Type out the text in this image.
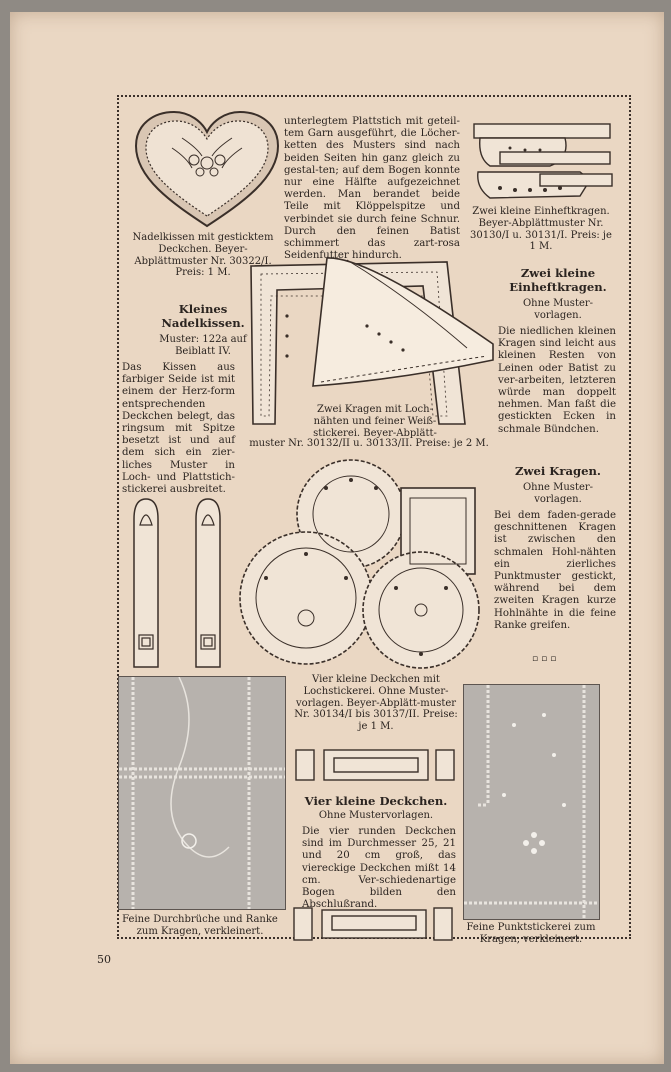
unterlegtem Plattstich mit geteil-tem Garn ausgeführt, die Löcher-ketten des Musters sind nach beiden Seiten hin ganz gleich zu gestal-ten; auf dem Bogen konnte nur eine Hälfte aufgezeichnet werden. Man berandet beide Teile mit Klöppelspitze und verbindet sie durch feine Schnur. Durch den feinen Batist schimmert das zart-rosa Seidenfutter hindurch.
Nadelkissen mit gesticktem Deckchen. Beyer-Abplättmuster Nr. 30322/I. Preis: 1 M.
Kleines Nadelkissen.
Muster: 122a auf Beiblatt IV.
Das Kissen aus farbiger Seide ist mit einem der Herz-form entsprechenden Deckchen belegt, das ringsum mit Spitze besetzt ist und auf dem sich ein zier-liches Muster in Loch- und Plattstich-stickerei ausbreitet.
Zwei kleine Einheftkragen. Beyer-Abplättmuster Nr. 30130/I u. 30131/I. Preis: je 1 M.
Zwei kleine Einheftkragen.
Ohne Muster-vorlagen.
Die niedlichen kleinen Kragen sind leicht aus kleinen Resten von Leinen oder Batist zu ver-arbeiten, letzteren würde man doppelt nehmen. Man faßt die gestickten Ecken in schmale Bündchen.
Zwei Kragen mit Loch-nähten und feiner Weiß-stickerei. Beyer-Abplätt-
muster Nr. 30132/II u. 30133/II. Preise: je 2 M.
Zwei Kragen.
Ohne Muster-vorlagen.
Bei dem faden-gerade geschnittenen Kragen ist zwischen den schmalen Hohl-nähten ein zierliches Punktmuster gestickt, während bei dem zweiten Kragen kurze Hohlnähte in die feine Ranke greifen.
▫▫▫
Vier kleine Deckchen mit Lochstickerei. Ohne Muster-vorlagen. Beyer-Abplätt-muster Nr. 30134/I bis 30137/II. Preise: je 1 M.
Vier kleine Deckchen.
Ohne Mustervorlagen.
Die vier runden Deckchen sind im Durchmesser 25, 21 und 20 cm groß, das viereckige Deckchen mißt 14 cm. Ver-schiedenartige Bogen bilden den Abschlußrand.
Feine Durchbrüche und Ranke zum Kragen, verkleinert.	Feine Punktstickerei zum Kragen, verkleinert.
50
